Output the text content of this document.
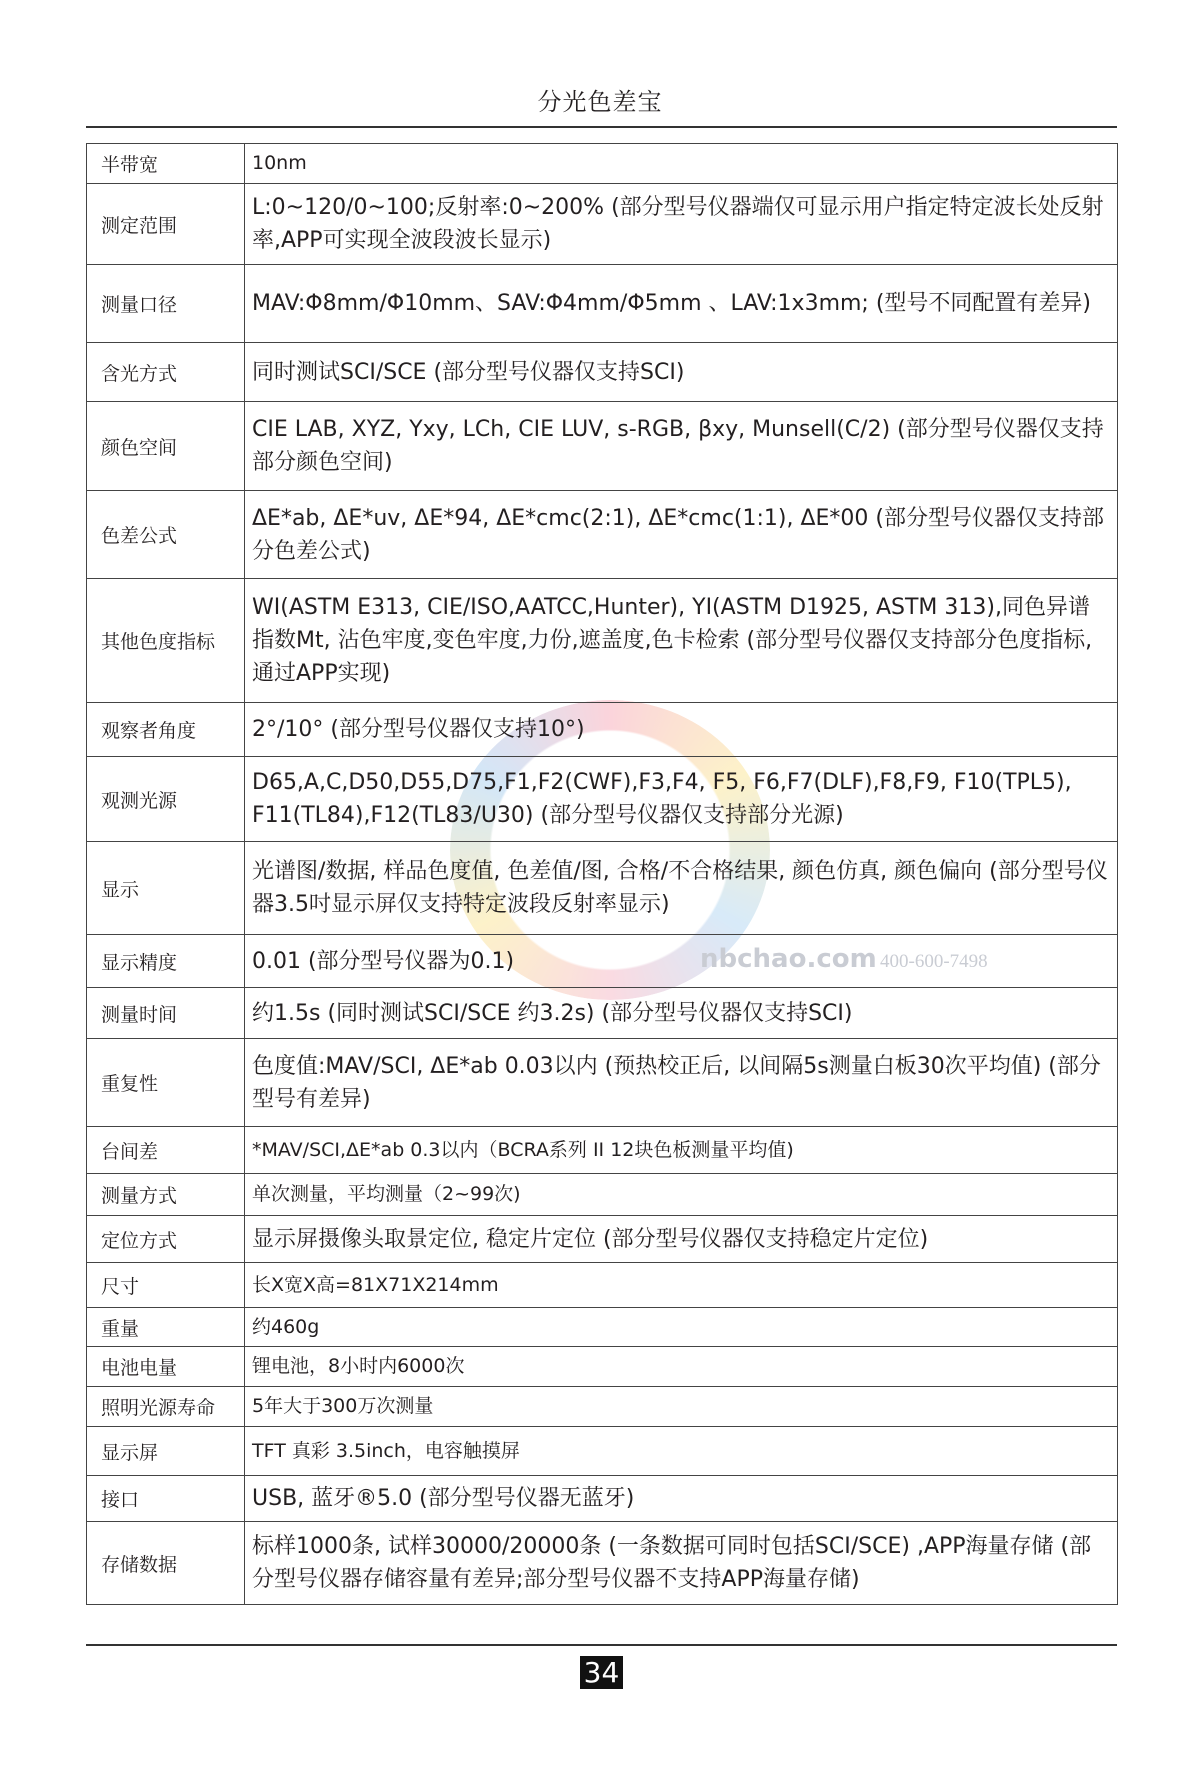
分光色差宝
半带宽	10nm
测定范围	L:0~120/0~100;反射率:0~200% (部分型号仪器端仅可显示用户指定特定波长处反射率,APP可实现全波段波长显示)
测量口径	MAV:Φ8mm/Φ10mm、SAV:Φ4mm/Φ5mm 、LAV:1x3mm; (型号不同配置有差异)
含光方式	同时测试SCI/SCE (部分型号仪器仅支持SCI)
颜色空间	CIE LAB, XYZ, Yxy, LCh, CIE LUV, s-RGB, βxy, Munsell(C/2) (部分型号仪器仅支持部分颜色空间)
色差公式	ΔE*ab, ΔE*uv, ΔE*94, ΔE*cmc(2:1), ΔE*cmc(1:1), ΔE*00 (部分型号仪器仅支持部分色差公式)
其他色度指标	WI(ASTM E313, CIE/ISO,AATCC,Hunter), YI(ASTM D1925, ASTM 313),同色异谱指数Mt, 沾色牢度,变色牢度,力份,遮盖度,色卡检索 (部分型号仪器仅支持部分色度指标, 通过APP实现)
观察者角度	2°/10° (部分型号仪器仅支持10°)
观测光源	D65,A,C,D50,D55,D75,F1,F2(CWF),F3,F4, F5, F6,F7(DLF),F8,F9, F10(TPL5), F11(TL84),F12(TL83/U30) (部分型号仪器仅支持部分光源)
显示	光谱图/数据, 样品色度值, 色差值/图, 合格/不合格结果, 颜色仿真, 颜色偏向 (部分型号仪器3.5吋显示屏仅支持特定波段反射率显示)
显示精度	0.01 (部分型号仪器为0.1)
测量时间	约1.5s (同时测试SCI/SCE 约3.2s) (部分型号仪器仅支持SCI)
重复性	色度值:MAV/SCI, ΔE*ab 0.03以内 (预热校正后, 以间隔5s测量白板30次平均值) (部分型号有差异)
台间差	*MAV/SCI,ΔE*ab 0.3以内（BCRA系列 II 12块色板测量平均值)
测量方式	单次测量，平均测量（2~99次)
定位方式	显示屏摄像头取景定位, 稳定片定位 (部分型号仪器仅支持稳定片定位)
尺寸	长X宽X高=81X71X214mm
重量	约460g
电池电量	锂电池，8小时内6000次
照明光源寿命	5年大于300万次测量
显示屏	TFT 真彩 3.5inch，电容触摸屏
接口	USB, 蓝牙®5.0 (部分型号仪器无蓝牙)
存储数据	标样1000条, 试样30000/20000条 (一条数据可同时包括SCI/SCE) ,APP海量存储 (部分型号仪器存储容量有差异;部分型号仪器不支持APP海量存储)
nbchao.com 400-600-7498
34
